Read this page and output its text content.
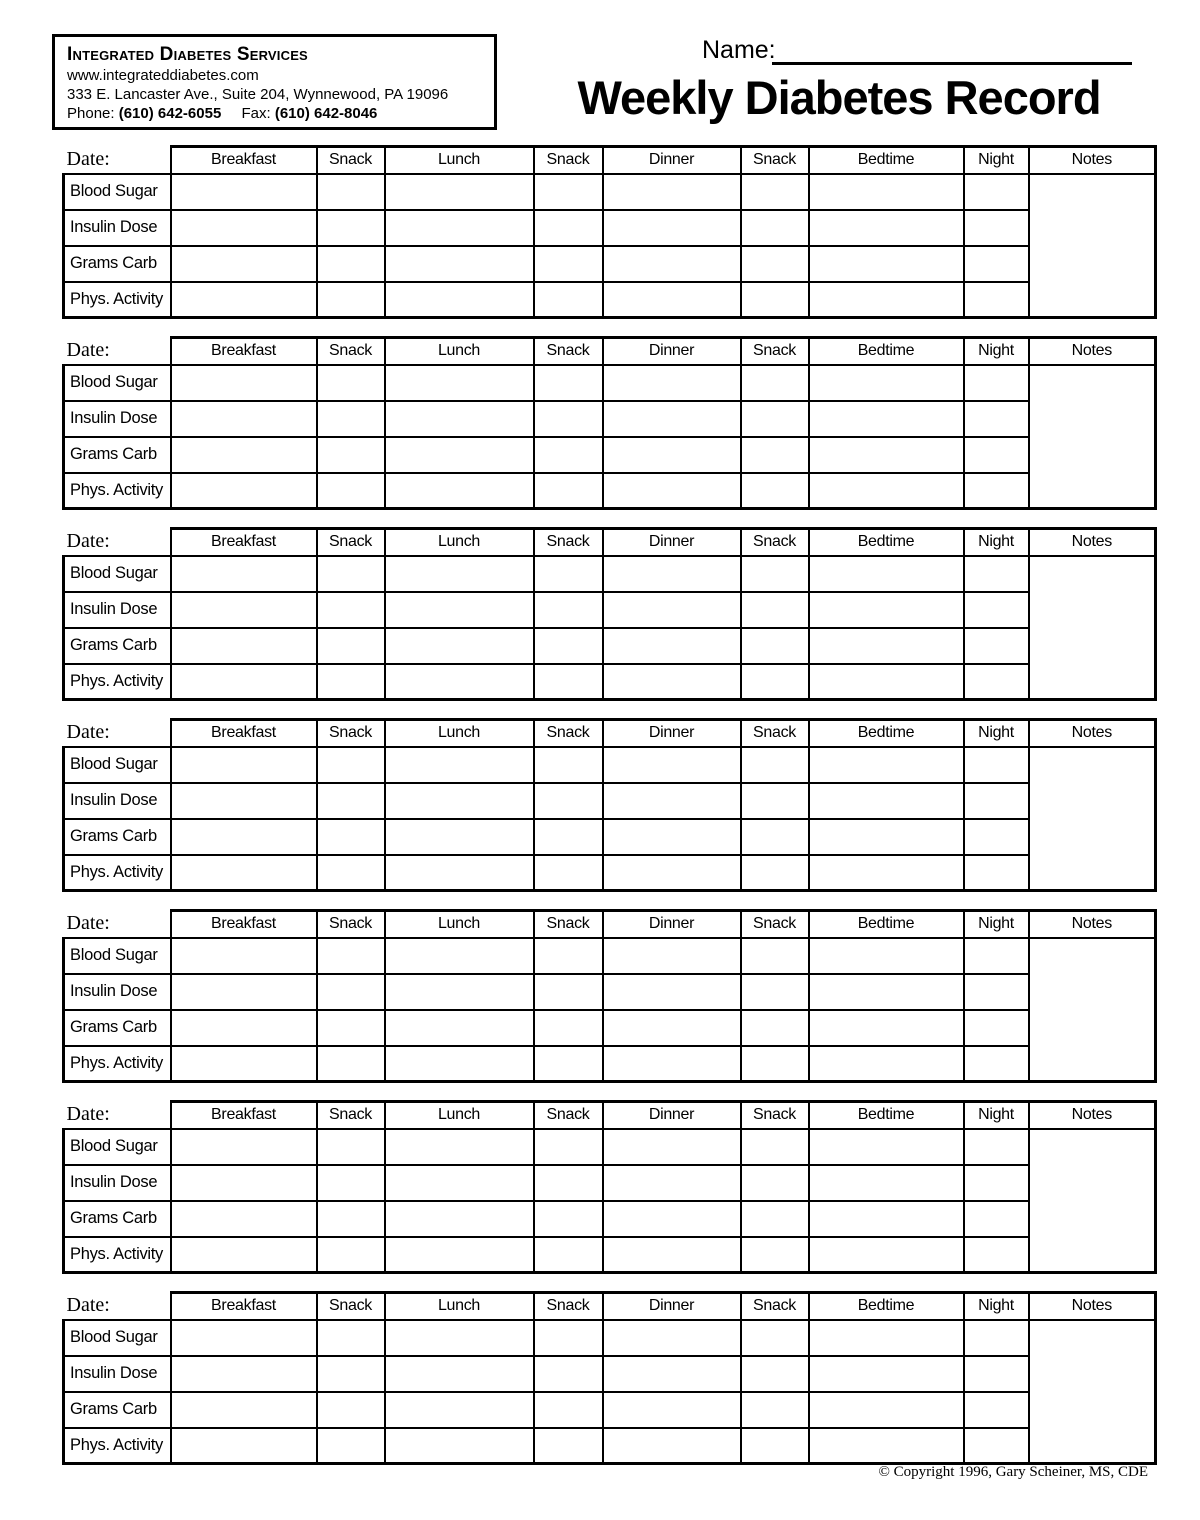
Integrated Diabetes Services
www.integrateddiabetes.com
333 E. Lancaster Ave., Suite 204, Wynnewood, PA 19096
Phone: (610) 642-6055 Fax: (610) 642-8046
Name:
Weekly Diabetes Record
Date:	Breakfast	Snack	Lunch	Snack	Dinner	Snack	Bedtime	Night	Notes
Blood Sugar									
Insulin Dose									
Grams Carb									
Phys. Activity									
Date:	Breakfast	Snack	Lunch	Snack	Dinner	Snack	Bedtime	Night	Notes
Blood Sugar									
Insulin Dose									
Grams Carb									
Phys. Activity									
Date:	Breakfast	Snack	Lunch	Snack	Dinner	Snack	Bedtime	Night	Notes
Blood Sugar									
Insulin Dose									
Grams Carb									
Phys. Activity									
Date:	Breakfast	Snack	Lunch	Snack	Dinner	Snack	Bedtime	Night	Notes
Blood Sugar									
Insulin Dose									
Grams Carb									
Phys. Activity									
Date:	Breakfast	Snack	Lunch	Snack	Dinner	Snack	Bedtime	Night	Notes
Blood Sugar									
Insulin Dose									
Grams Carb									
Phys. Activity									
Date:	Breakfast	Snack	Lunch	Snack	Dinner	Snack	Bedtime	Night	Notes
Blood Sugar									
Insulin Dose									
Grams Carb									
Phys. Activity									
Date:	Breakfast	Snack	Lunch	Snack	Dinner	Snack	Bedtime	Night	Notes
Blood Sugar									
Insulin Dose									
Grams Carb									
Phys. Activity									
© Copyright 1996, Gary Scheiner, MS, CDE
